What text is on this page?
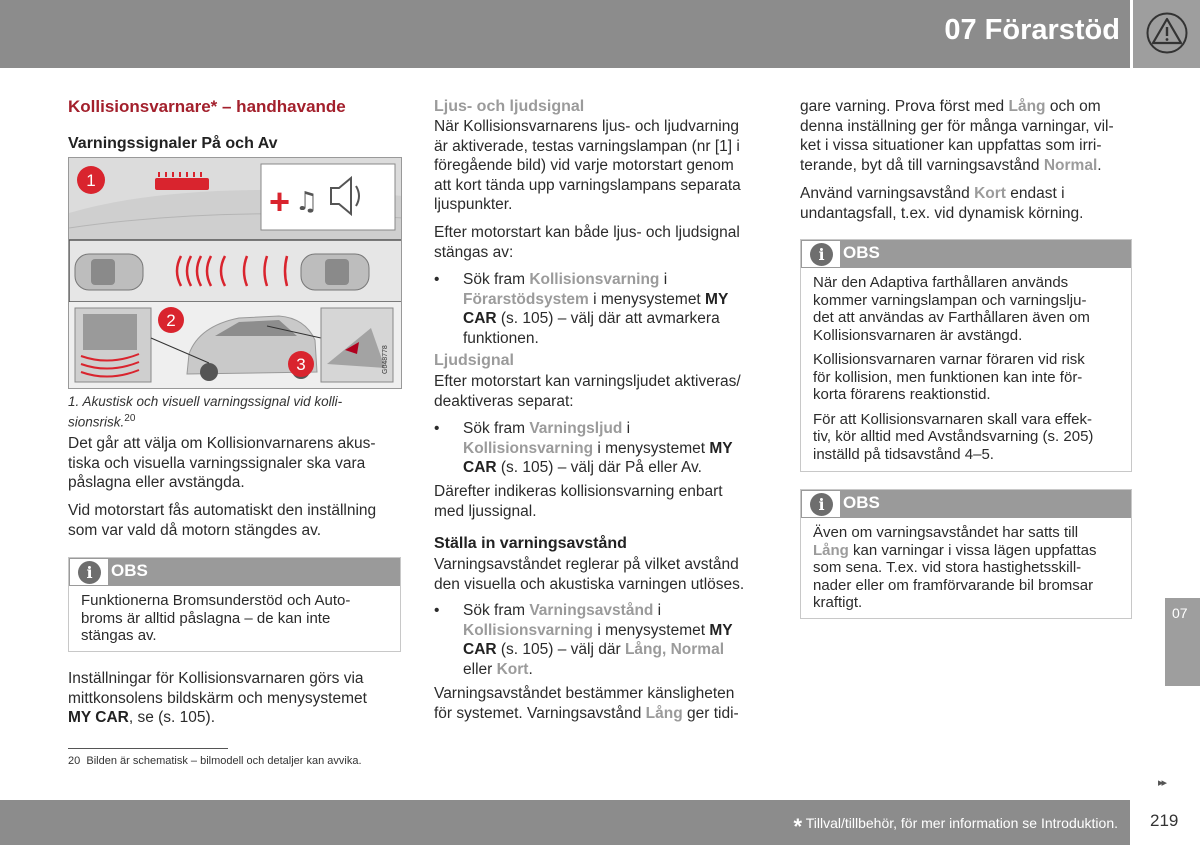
07 Förarstöd
Kollisionsvarnare* – handhavande
Varningssignaler På och Av
+ ♫
1
G048778
2
3
1. Akustisk och visuell varningssignal vid kolli-sionsrisk.$^{20}$
Det går att välja om Kollisionvarnarens akus-
tiska och visuella varningssignaler ska vara
påslagna eller avstängda.
Vid motorstart fås automatiskt den inställning
som var vald då motorn stängdes av.
i	OBS
Funktionerna Bromsunderstöd och Auto-
broms är alltid påslagna – de kan inte
stängas av.
Inställningar för Kollisionsvarnaren görs via
mittkonsolens bildskärm och menysystemet
MY CAR, se (s. 105).
Ljus- och ljudsignal
När Kollisionsvarnarens ljus- och ljudvarning
är aktiverade, testas varningslampan (nr [1] i
föregående bild) vid varje motorstart genom
att kort tända upp varningslampans separata
ljuspunkter.
Efter motorstart kan både ljus- och ljudsignal
stängas av:
• Sök fram Kollisionsvarning i
Förarstödsystem i menysystemet MY
CAR (s. 105) – välj där att avmarkera
funktionen.
Ljudsignal
Efter motorstart kan varningsljudet aktiveras/
deaktiveras separat:
• Sök fram Varningsljud i
Kollisionsvarning i menysystemet MY
CAR (s. 105) – välj där På eller Av.
Därefter indikeras kollisionsvarning enbart
med ljussignal.
Ställa in varningsavstånd
Varningsavståndet reglerar på vilket avstånd
den visuella och akustiska varningen utlöses.
• Sök fram Varningsavstånd i
Kollisionsvarning i menysystemet MY
CAR (s. 105) – välj där Lång, Normal
eller Kort.
Varningsavståndet bestämmer känsligheten
för systemet. Varningsavstånd Lång ger tidi-
gare varning. Prova först med Lång och om
denna inställning ger för många varningar, vil-
ket i vissa situationer kan uppfattas som irri-
terande, byt då till varningsavstånd Normal.
Använd varningsavstånd Kort endast i
undantagsfall, t.ex. vid dynamisk körning.
i	OBS
När den Adaptiva farthållaren används
kommer varningslampan och varningslju-
det att användas av Farthållaren även om
Kollisionsvarnaren är avstängd.
Kollisionsvarnaren varnar föraren vid risk
för kollision, men funktionen kan inte för-
korta förarens reaktionstid.
För att Kollisionsvarnaren skall vara effek-
tiv, kör alltid med Avståndsvarning (s. 205)
inställd på tidsavstånd 4–5.
i	OBS
Även om varningsavståndet har satts till
Lång kan varningar i vissa lägen uppfattas
som sena. T.ex. vid stora hastighetsskill-
nader eller om framförvarande bil bromsar
kraftigt.
20 Bilden är schematisk – bilmodell och detaljer kan avvika.
07
▸▸
* Tillval/tillbehör, för mer information se Introduktion. 219
